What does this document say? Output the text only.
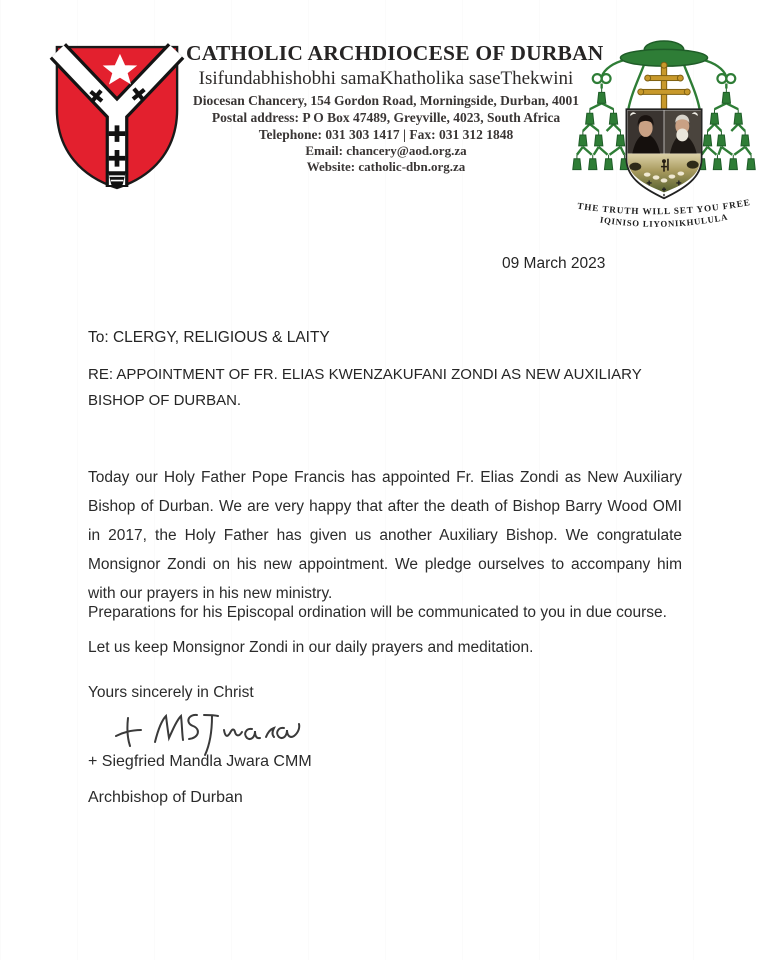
CATHOLIC ARCHDIOCESE OF DURBAN
Isifundabhishobhi samaKhatholika saseThekwini
Diocesan Chancery, 154 Gordon Road, Morningside, Durban, 4001
Postal address: P O Box 47489, Greyville, 4023, South Africa
Telephone: 031 303 1417 | Fax: 031 312 1848
Email: chancery@aod.org.za
Website: catholic-dbn.org.za
THE TRUTH WILL SET YOU FREE
IQINISO LIYONIKHULULA
09 March 2023
To: CLERGY, RELIGIOUS & LAITY
RE: APPOINTMENT OF FR. ELIAS KWENZAKUFANI ZONDI AS NEW AUXILIARY BISHOP OF DURBAN.

Today our Holy Father Pope Francis has appointed Fr. Elias Zondi as New Auxiliary Bishop of Durban. We are very happy that after the death of Bishop Barry Wood OMI in 2017, the Holy Father has given us another Auxiliary Bishop. We congratulate Monsignor Zondi on his new appointment. We pledge ourselves to accompany him with our prayers in his new ministry.

Preparations for his Episcopal ordination will be communicated to you in due course.

Let us keep Monsignor Zondi in our daily prayers and meditation.

Yours sincerely in Christ
+ Siegfried Mandla Jwara CMM
Archbishop of Durban
